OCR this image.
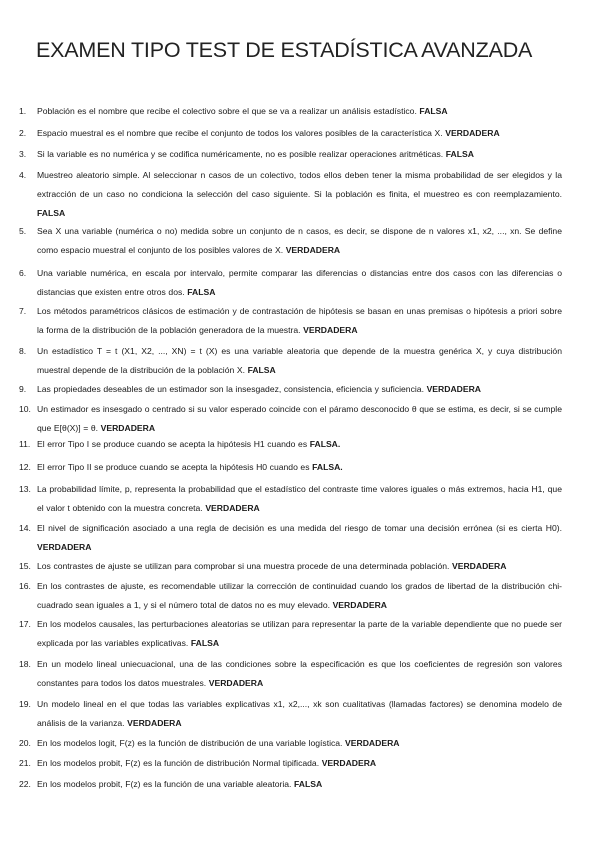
EXAMEN TIPO TEST DE ESTADÍSTICA AVANZADA
1.	Población es el nombre que recibe el colectivo sobre el que se va a realizar un análisis estadístico. FALSA
2.	Espacio muestral es el nombre que recibe el conjunto de todos los valores posibles de la característica X. VERDADERA
3.	Si la variable es no numérica y se codifica numéricamente, no es posible realizar operaciones aritméticas. FALSA
4.	Muestreo aleatorio simple. Al seleccionar n casos de un colectivo, todos ellos deben tener la misma probabilidad de ser elegidos y la extracción de un caso no condiciona la selección del caso siguiente. Si la población es finita, el muestreo es con reemplazamiento. FALSA
5.	Sea X una variable (numérica o no) medida sobre un conjunto de n casos, es decir, se dispone de n valores x1, x2, ..., xn. Se define como espacio muestral el conjunto de los posibles valores de X. VERDADERA
6.	Una variable numérica, en escala por intervalo, permite comparar las diferencias o distancias entre dos casos con las diferencias o distancias que existen entre otros dos. FALSA
7.	Los métodos paramétricos clásicos de estimación y de contrastación de hipótesis se basan en unas premisas o hipótesis a priori sobre la forma de la distribución de la población generadora de la muestra. VERDADERA
8.	Un estadístico T = t (X1, X2, ..., XN) = t (X) es una variable aleatoria que depende de la muestra genérica X, y cuya distribución muestral depende de la distribución de la población X. FALSA
9.	Las propiedades deseables de un estimador son la insesgadez, consistencia, eficiencia y suficiencia. VERDADERA
10. Un estimador es insesgado o centrado si su valor esperado coincide con el páramo desconocido θ que se estima, es decir, si se cumple que E[θ(X)] = θ. VERDADERA
11. El error Tipo I se produce cuando se acepta la hipótesis H1 cuando es FALSA.
12. El error Tipo II se produce cuando se acepta la hipótesis H0 cuando es FALSA.
13. La probabilidad límite, p, representa la probabilidad que el estadístico del contraste time valores iguales o más extremos, hacia H1, que el valor t obtenido con la muestra concreta. VERDADERA
14. El nivel de significación asociado a una regla de decisión es una medida del riesgo de tomar una decisión errónea (si es cierta H0). VERDADERA
15. Los contrastes de ajuste se utilizan para comprobar si una muestra procede de una determinada población. VERDADERA
16. En los contrastes de ajuste, es recomendable utilizar la corrección de continuidad cuando los grados de libertad de la distribución chi-cuadrado sean iguales a 1, y si el número total de datos no es muy elevado. VERDADERA
17. En los modelos causales, las perturbaciones aleatorias se utilizan para representar la parte de la variable dependiente que no puede ser explicada por las variables explicativas. FALSA
18. En un modelo lineal uniecuacional, una de las condiciones sobre la especificación es que los coeficientes de regresión son valores constantes para todos los datos muestrales. VERDADERA
19. Un modelo lineal en el que todas las variables explicativas x1, x2,..., xk son cualitativas (llamadas factores) se denomina modelo de análisis de la varianza. VERDADERA
20. En los modelos logit, F(z) es la función de distribución de una variable logística. VERDADERA
21. En los modelos probit, F(z) es la función de distribución Normal tipificada. VERDADERA
22. En los modelos probit, F(z) es la función de una variable aleatoria. FALSA
